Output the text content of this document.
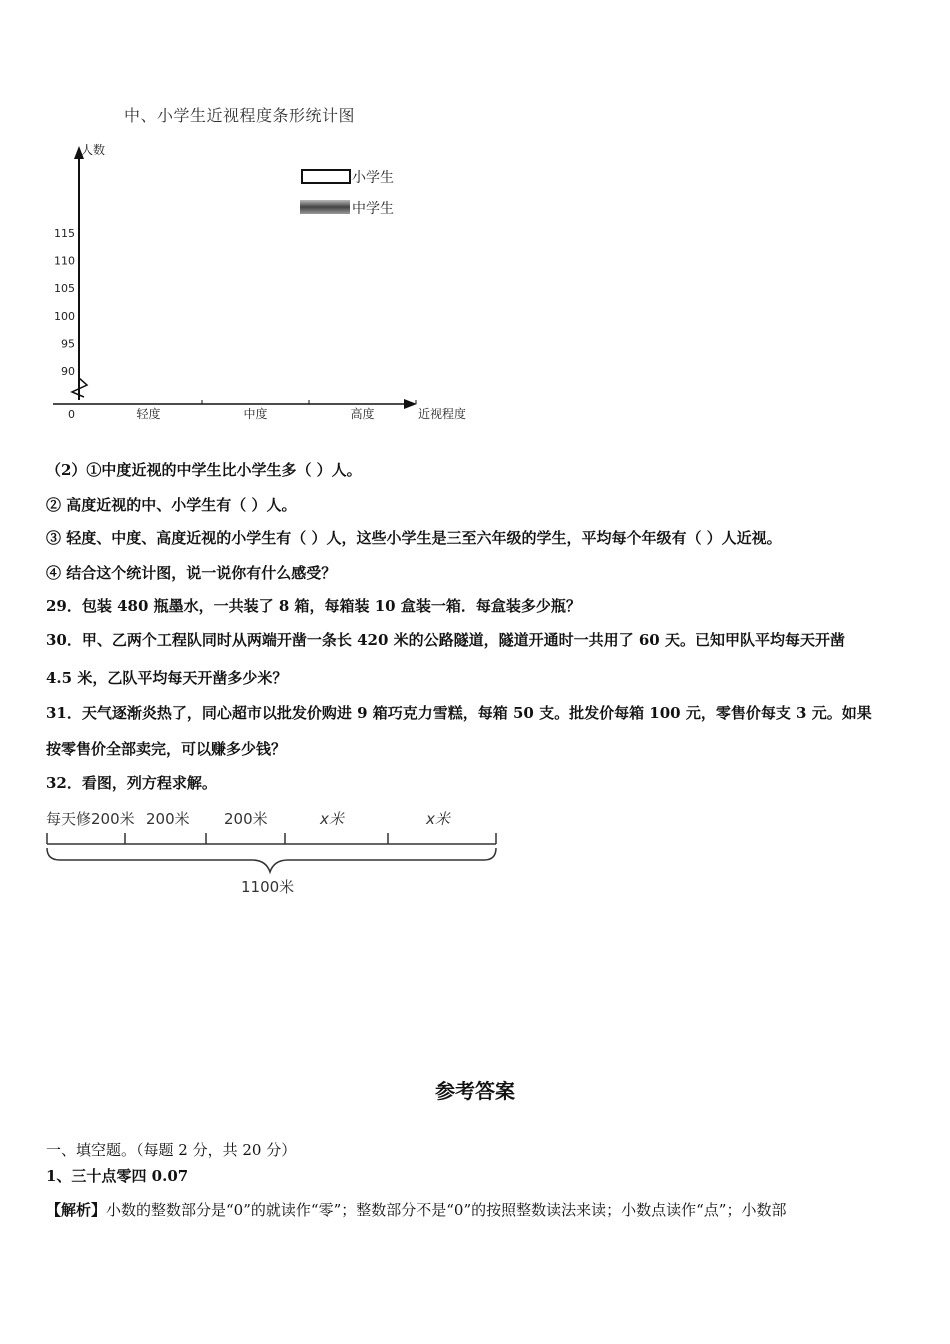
中、小学生近视程度条形统计图
人数
近视程度
0
90
95
100
105
110
115
轻度	中度	高度
小学生
中学生
（2）①中度近视的中学生比小学生多（ ）人。
② 高度近视的中、小学生有（ ）人。
③ 轻度、中度、高度近视的小学生有（ ）人，这些小学生是三至六年级的学生，平均每个年级有（ ）人近视。
④ 结合这个统计图，说一说你有什么感受？
29．包装 480 瓶墨水，一共装了 8 箱，每箱装 10 盒装一箱．每盒装多少瓶？
30．甲、乙两个工程队同时从两端开凿一条长 420 米的公路隧道，隧道开通时一共用了 60 天。已知甲队平均每天开凿
4.5 米，乙队平均每天开凿多少米？
31．天气逐渐炎热了，同心超市以批发价购进 9 箱巧克力雪糕，每箱 50 支。批发价每箱 100 元，零售价每支 3 元。如果
按零售价全部卖完，可以赚多少钱？
32．看图，列方程求解。
每天修200米 200米 200米	x米	x米
1100米
参考答案
一、填空题。（每题 2 分，共 20 分）
1、三十点零四 0.07
【解析】小数的整数部分是“0”的就读作“零”；整数部分不是“0”的按照整数读法来读；小数点读作“点”；小数部
